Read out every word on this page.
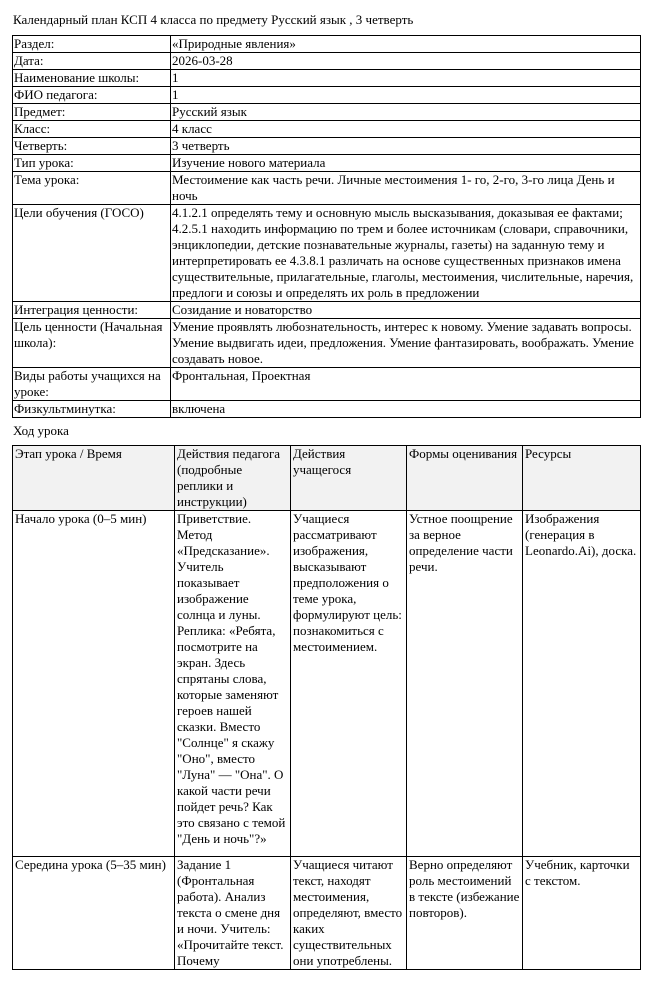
Календарный план КСП 4 класса по предмету Русский язык , 3 четверть
Раздел:	«Природные явления»
Дата:	2026-03-28
Наименование школы:	1
ФИО педагога:	1
Предмет:	Русский язык
Класс:	4 класс
Четверть:	3 четверть
Тип урока:	Изучение нового материала
Тема урока:	Местоимение как часть речи. Личные местоимения 1- го, 2-го, 3-го лица День и ночь
Цели обучения (ГОСО)	4.1.2.1 определять тему и основную мысль высказывания, доказывая ее фактами; 4.2.5.1 находить информацию по трем и более источникам (словари, справочники, энциклопедии, детские познавательные журналы, газеты) на заданную тему и интерпретировать ее 4.3.8.1 различать на основе существенных признаков имена существительные, прилагательные, глаголы, местоимения, числительные, наречия, предлоги и союзы и определять их роль в предложении
Интеграция ценности:	Созидание и новаторство
Цель ценности (Начальная школа):	Умение проявлять любознательность, интерес к новому. Умение задавать вопросы. Умение выдвигать идеи, предложения. Умение фантазировать, воображать. Умение создавать новое.
Виды работы учащихся на уроке:	Фронтальная, Проектная
Физкультминутка:	включена
Ход урока
Этап урока / Время	Действия педагога (подробные реплики и инструкции)	Действия учащегося	Формы оценивания	Ресурсы
Начало урока (0–5 мин)	Приветствие. Метод «Предсказание». Учитель показывает изображение солнца и луны. Реплика: «Ребята, посмотрите на экран. Здесь спрятаны слова, которые заменяют героев нашей сказки. Вместо "Солнце" я скажу "Оно", вместо "Луна" — "Она". О какой части речи пойдет речь? Как это связано с темой "День и ночь"?»	Учащиеся рассматривают изображения, высказывают предположения о теме урока, формулируют цель: познакомиться с местоимением.	Устное поощрение за верное определение части речи.	Изображения (генерация в Leonardo.Ai), доска.
Середина урока (5–35 мин)	Задание 1 (Фронтальная работа). Анализ текста о смене дня и ночи. Учитель: «Прочитайте текст. Почему	Учащиеся читают текст, находят местоимения, определяют, вместо каких существительных они употреблены.	Верно определяют роль местоимений в тексте (избежание повторов).	Учебник, карточки с текстом.
